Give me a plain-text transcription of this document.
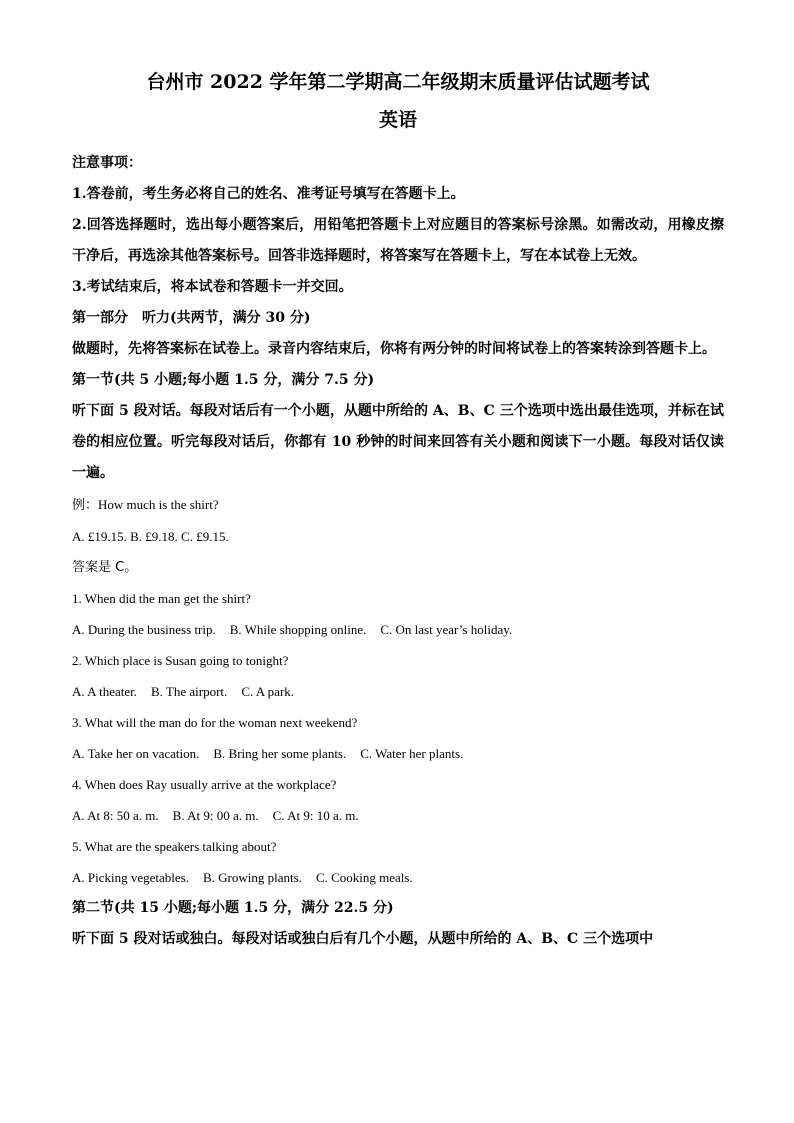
台州市 2022 学年第二学期高二年级期末质量评估试题考试
英语

注意事项：

1.答卷前，考生务必将自己的姓名、准考证号填写在答题卡上。

2.回答选择题时，选出每小题答案后，用铅笔把答题卡上对应题目的答案标号涂黑。如需改动，用橡皮擦干净后，再选涂其他答案标号。回答非选择题时，将答案写在答题卡上，写在本试卷上无效。

3.考试结束后，将本试卷和答题卡一并交回。

第一部分　听力(共两节，满分 30 分)

做题时，先将答案标在试卷上。录音内容结束后，你将有两分钟的时间将试卷上的答案转涂到答题卡上。

第一节(共 5 小题;每小题 1.5 分，满分 7.5 分)

听下面 5 段对话。每段对话后有一个小题，从题中所给的 A、B、C 三个选项中选出最佳选项，并标在试卷的相应位置。听完每段对话后，你都有 10 秒钟的时间来回答有关小题和阅读下一小题。每段对话仅读一遍。

例：How much is the shirt?

A. £19.15. B. £9.18. C. £9.15.

答案是 C。

1. When did the man get the shirt?

A. During the business trip. B. While shopping online. C. On last year’s holiday.

2. Which place is Susan going to tonight?

A. A theater. B. The airport. C. A park.

3. What will the man do for the woman next weekend?

A. Take her on vacation. B. Bring her some plants. C. Water her plants.

4. When does Ray usually arrive at the workplace?

A. At 8: 50 a. m. B. At 9: 00 a. m. C. At 9: 10 a. m.

5. What are the speakers talking about?

A. Picking vegetables. B. Growing plants. C. Cooking meals.

第二节(共 15 小题;每小题 1.5 分，满分 22.5 分)

听下面 5 段对话或独白。每段对话或独白后有几个小题，从题中所给的 A、B、C 三个选项中
